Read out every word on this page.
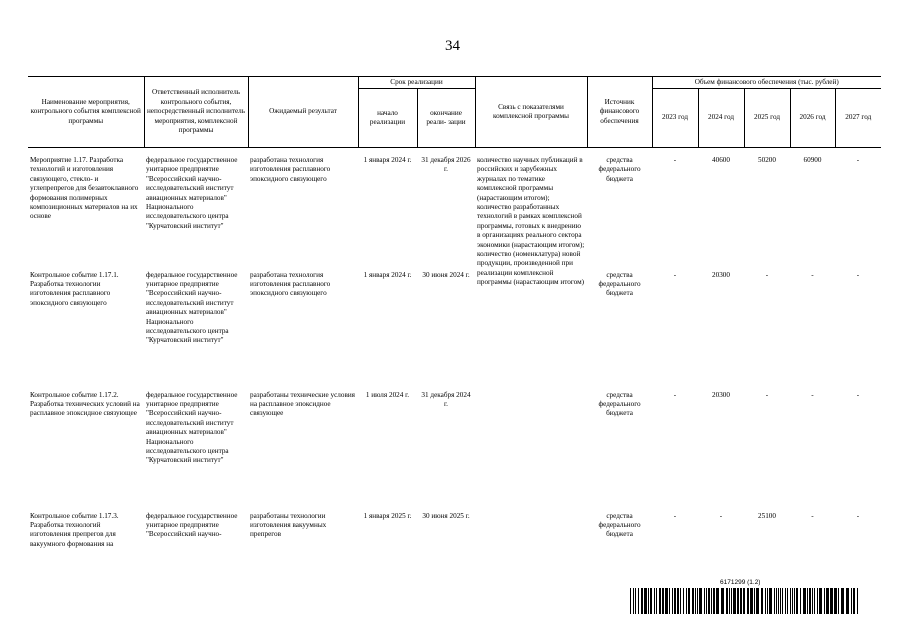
34
Наименование мероприятия, контрольного события комплексной программы	Ответственный исполнитель контрольного события, непосредственный исполнитель мероприятия, комплексной программы	Ожидаемый результат	Срок реализации		Связь с показателями комплексной программы	Источник финансового обеспечения	Объем финансового обеспечения (тыс. рублей)				
			начало реализации	окончание реали- зации			2023 год	2024 год	2025 год	2026 год	2027 год
Мероприятие 1.17. Разработка технологий и изготовления связующего, стекло- и углепрепрегов для безавтоклавного формования полимерных композиционных материалов на их основе	федеральное государственное унитарное предприятие "Всероссийский научно-исследовательский институт авиационных материалов" Национального исследовательского центра "Курчатовский институт"	разработана технология изготовления расплавного эпоксидного связующего	1 января 2024 г.	31 декабря 2026 г.	количество научных публикаций в российских и зарубежных журналах по тематике комплексной программы (нарастающим итогом); количество разработанных технологий в рамках комплексной программы, готовых к внедрению в организациях реального сектора экономики (нарастающим итогом); количество (номенклатура) новой продукции, произведенной при реализации комплексной программы (нарастающим итогом)	средства федерального бюджета	-	40600	50200	60900	-
Контрольное событие 1.17.1. Разработка технологии изготовления расплавного эпоксидного связующего	федеральное государственное унитарное предприятие "Всероссийский научно-исследовательский институт авиационных материалов" Национального исследовательского центра "Курчатовский институт"	разработана технология изготовления расплавного эпоксидного связующего	1 января 2024 г.	30 июня 2024 г.		средства федерального бюджета	-	20300	-	-	-
Контрольное событие 1.17.2. Разработка технических условий на расплавное эпоксидное связующее	федеральное государственное унитарное предприятие "Всероссийский научно-исследовательский институт авиационных материалов" Национального исследовательского центра "Курчатовский институт"	разработаны технические условия на расплавное эпоксидное связующее	1 июля 2024 г.	31 декабря 2024 г.		средства федерального бюджета	-	20300	-	-	-
Контрольное событие 1.17.3. Разработка технологий изготовления препрегов для вакуумного формования на	федеральное государственное унитарное предприятие "Всероссийский научно-	разработаны технологии изготовления вакуумных препрегов	1 января 2025 г.	30 июня 2025 г.		средства федерального бюджета	-	-	25100	-	-
6171299 (1.2)
